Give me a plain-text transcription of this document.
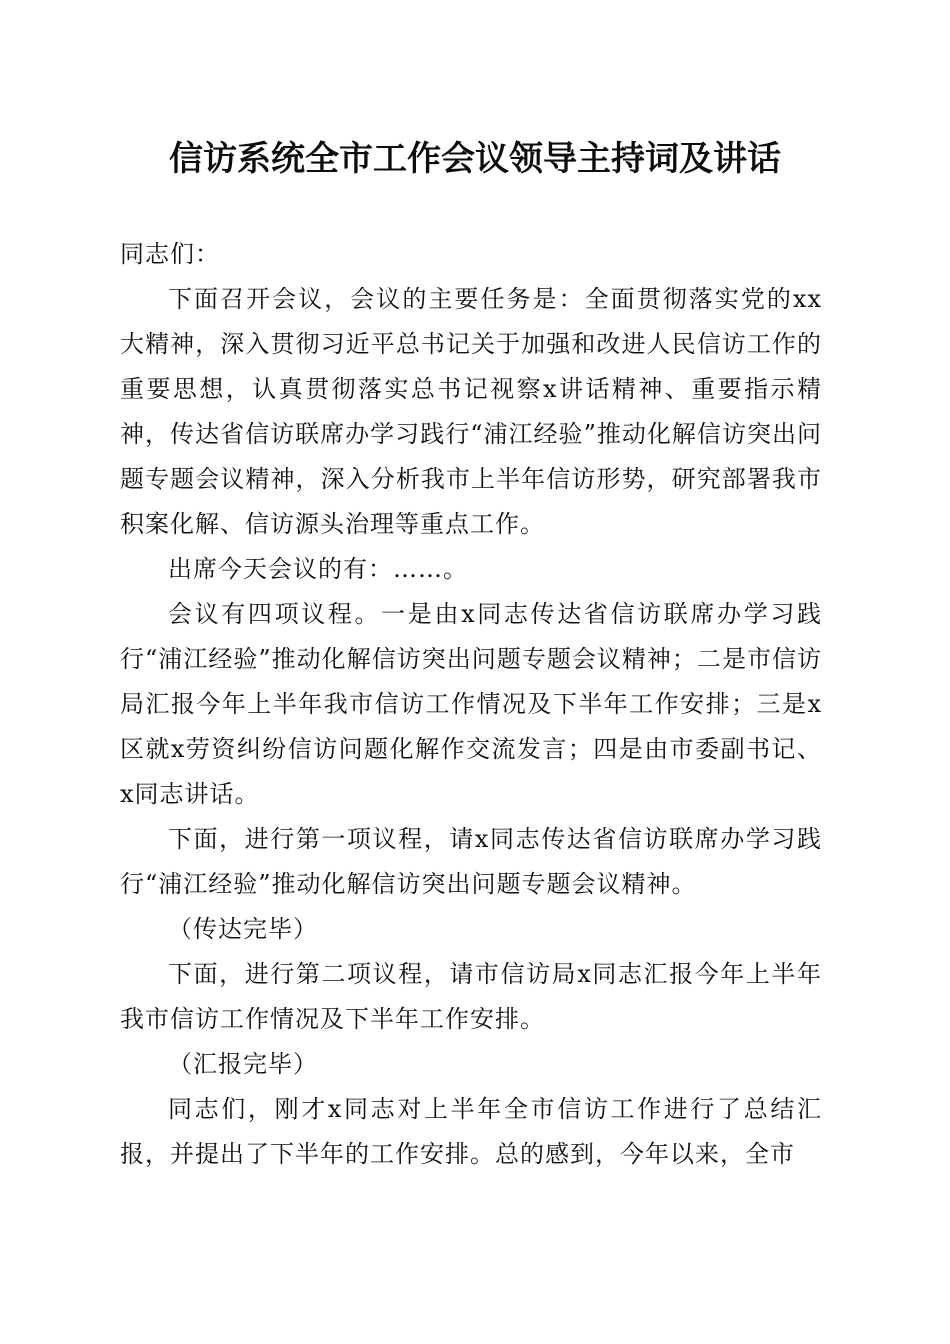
信访系统全市工作会议领导主持词及讲话

同志们：

下面召开会议，会议的主要任务是：全面贯彻落实党的xx大精神，深入贯彻习近平总书记关于加强和改进人民信访工作的重要思想，认真贯彻落实总书记视察x讲话精神、重要指示精神，传达省信访联席办学习践行“浦江经验”推动化解信访突出问题专题会议精神，深入分析我市上半年信访形势，研究部署我市积案化解、信访源头治理等重点工作。

出席今天会议的有：……。

会议有四项议程。一是由x同志传达省信访联席办学习践行“浦江经验”推动化解信访突出问题专题会议精神；二是市信访局汇报今年上半年我市信访工作情况及下半年工作安排；三是x区就x劳资纠纷信访问题化解作交流发言；四是由市委副书记、x同志讲话。

下面，进行第一项议程，请x同志传达省信访联席办学习践行“浦江经验”推动化解信访突出问题专题会议精神。

（传达完毕）

下面，进行第二项议程，请市信访局x同志汇报今年上半年我市信访工作情况及下半年工作安排。

（汇报完毕）

同志们，刚才x同志对上半年全市信访工作进行了总结汇报，并提出了下半年的工作安排。总的感到，今年以来，全市
